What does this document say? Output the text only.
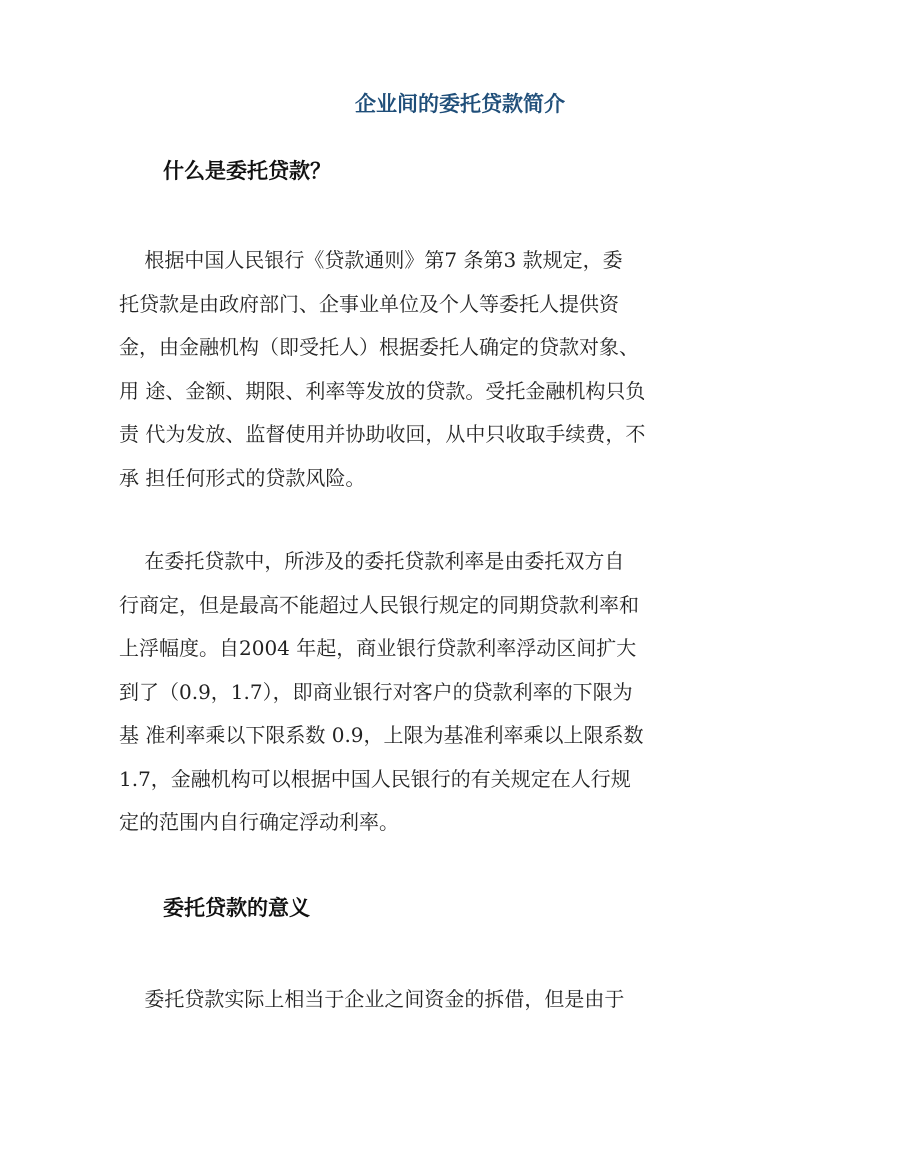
企业间的委托贷款简介
什么是委托贷款？
根据中国人民银行《贷款通则》第7 条第3 款规定，委
托贷款是由政府部门、企事业单位及个人等委托人提供资
金，由金融机构（即受托人）根据委托人确定的贷款对象、
用 途、金额、期限、利率等发放的贷款。受托金融机构只负
责 代为发放、监督使用并协助收回，从中只收取手续费，不
承 担任何形式的贷款风险。
在委托贷款中，所涉及的委托贷款利率是由委托双方自
行商定，但是最高不能超过人民银行规定的同期贷款利率和
上浮幅度。自2004 年起，商业银行贷款利率浮动区间扩大
到了（0.9，1.7），即商业银行对客户的贷款利率的下限为
基 准利率乘以下限系数 0.9，上限为基准利率乘以上限系数
1.7，金融机构可以根据中国人民银行的有关规定在人行规
定的范围内自行确定浮动利率。
委托贷款的意义
委托贷款实际上相当于企业之间资金的拆借，但是由于
